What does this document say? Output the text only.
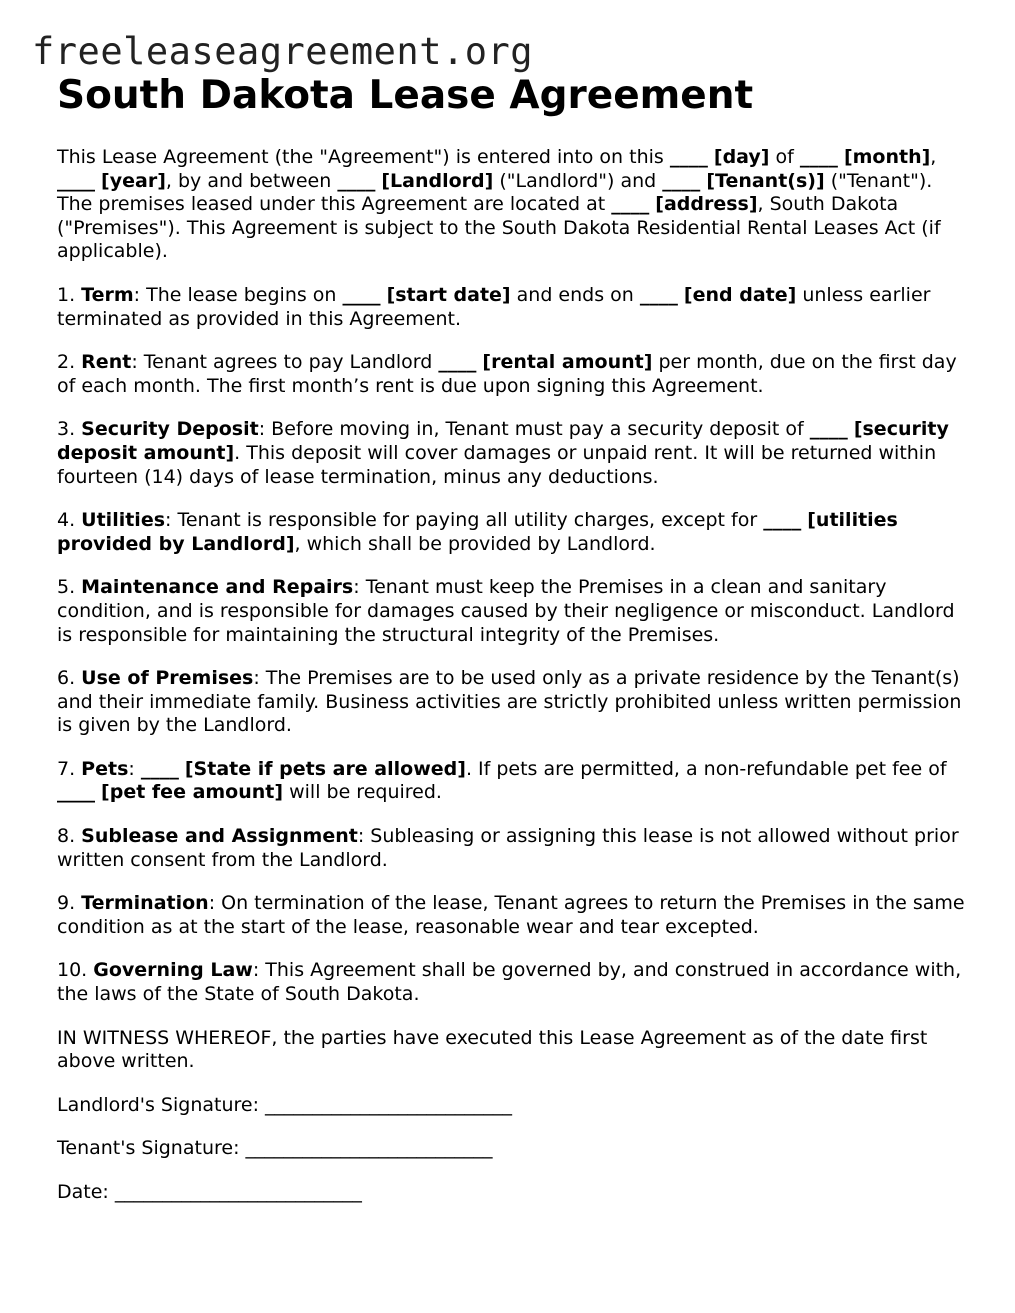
freeleaseagreement.org
South Dakota Lease Agreement

This Lease Agreement (the "Agreement") is entered into on this ____ [day] of ____ [month], ____ [year], by and between ____ [Landlord] ("Landlord") and ____ [Tenant(s)] ("Tenant"). The premises leased under this Agreement are located at ____ [address], South Dakota ("Premises"). This Agreement is subject to the South Dakota Residential Rental Leases Act (if applicable).

1. Term: The lease begins on ____ [start date] and ends on ____ [end date] unless earlier terminated as provided in this Agreement.

2. Rent: Tenant agrees to pay Landlord ____ [rental amount] per month, due on the first day of each month. The first month’s rent is due upon signing this Agreement.

3. Security Deposit: Before moving in, Tenant must pay a security deposit of ____ [security deposit amount]. This deposit will cover damages or unpaid rent. It will be returned within fourteen (14) days of lease termination, minus any deductions.

4. Utilities: Tenant is responsible for paying all utility charges, except for ____ [utilities provided by Landlord], which shall be provided by Landlord.

5. Maintenance and Repairs: Tenant must keep the Premises in a clean and sanitary condition, and is responsible for damages caused by their negligence or misconduct. Landlord is responsible for maintaining the structural integrity of the Premises.

6. Use of Premises: The Premises are to be used only as a private residence by the Tenant(s) and their immediate family. Business activities are strictly prohibited unless written permission is given by the Landlord.

7. Pets: ____ [State if pets are allowed]. If pets are permitted, a non-refundable pet fee of ____ [pet fee amount] will be required.

8. Sublease and Assignment: Subleasing or assigning this lease is not allowed without prior written consent from the Landlord.

9. Termination: On termination of the lease, Tenant agrees to return the Premises in the same condition as at the start of the lease, reasonable wear and tear excepted.

10. Governing Law: This Agreement shall be governed by, and construed in accordance with, the laws of the State of South Dakota.

IN WITNESS WHEREOF, the parties have executed this Lease Agreement as of the date first above written.

Landlord's Signature: __________________________
Tenant's Signature: __________________________
Date: __________________________
